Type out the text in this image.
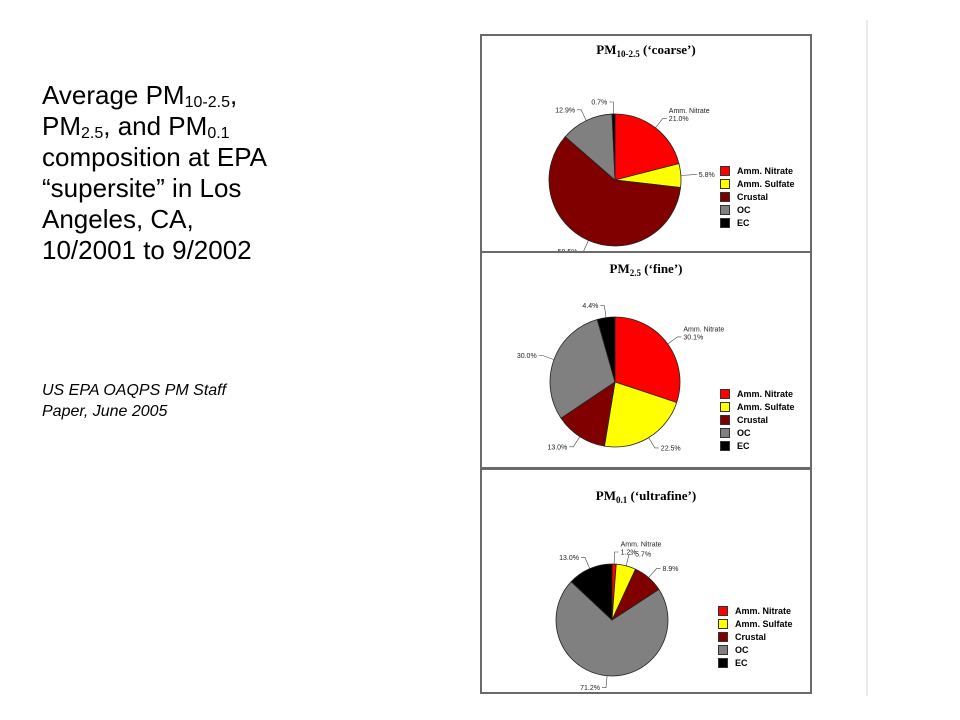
Average $PM_{10-2.5}$,
$PM_{2.5}$, and $PM_{0.1}$
composition at EPA
“supersite” in Los
Angeles, CA,
10/2001 to 9/2002
US EPA OAQPS PM Staff
Paper, June 2005
$PM_{10-2.5}$ (‘coarse’)
Amm. Nitrate 21.0%
5.8%
12.9%
0.7%
Amm. Nitrate
Amm. Sulfate
Crustal
OC
EC
$PM_{2.5}$ (‘fine’)
Amm. Nitrate 30.1%
22.5%
13.0%
30.0%
4.4%
Amm. Nitrate
Amm. Sulfate
Crustal
OC
EC
$PM_{0.1}$ (‘ultrafine’)
Amm. Nitrate 1.2%
5.7%
8.9%
71.2%
13.0%
Amm. Nitrate
Amm. Sulfate
Crustal
OC
EC
